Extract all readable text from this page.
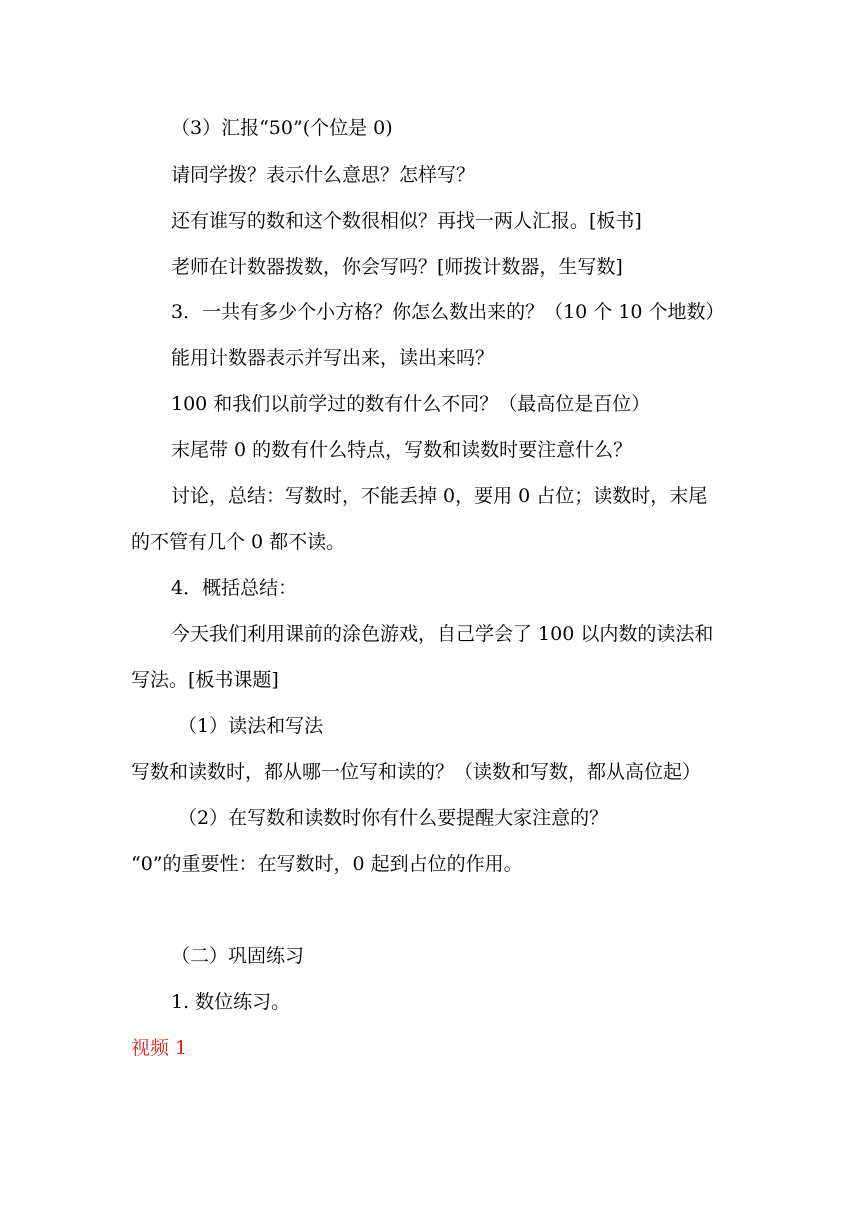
（3）汇报“50”(个位是 0)
请同学拨？表示什么意思？怎样写？
还有谁写的数和这个数很相似？再找一两人汇报。[板书]
老师在计数器拨数，你会写吗？[师拨计数器，生写数]
3．一共有多少个小方格？你怎么数出来的？（10 个 10 个地数）
能用计数器表示并写出来，读出来吗？
100 和我们以前学过的数有什么不同？（最高位是百位）
末尾带 0 的数有什么特点，写数和读数时要注意什么？
讨论，总结：写数时，不能丢掉 0，要用 0 占位；读数时，末尾
的不管有几个 0 都不读。
4．概括总结：
今天我们利用课前的涂色游戏，自己学会了 100 以内数的读法和
写法。[板书课题]
（1）读法和写法
写数和读数时，都从哪一位写和读的？（读数和写数，都从高位起）
（2）在写数和读数时你有什么要提醒大家注意的？
“0”的重要性：在写数时，0 起到占位的作用。
（二）巩固练习
1. 数位练习。
视频 1
